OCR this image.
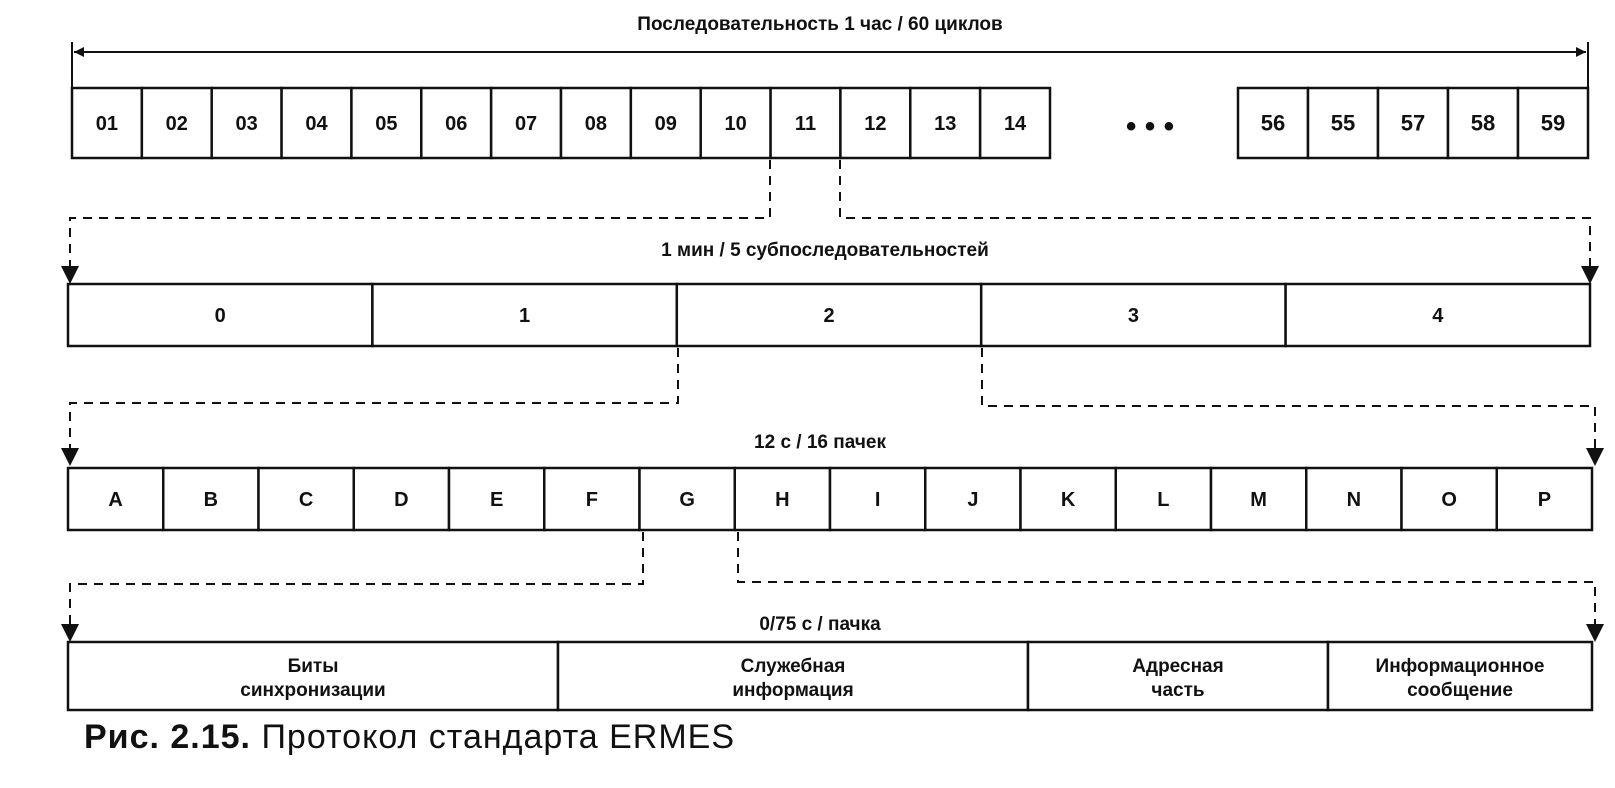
Последовательность 1 час / 60 циклов
01 02 03 04 05 06 07 08 09 10 11 12 13 14	• • •	56 55 57 58 59
1 мин / 5 субпоследовательностей
0	1	2	3	4
12 с / 16 пачек
A	B	C	D	E	F	G	H	I	J	K	L	M	N	O	P
0/75 с / пачка
Биты
синхронизации
Служебная
информация
Адресная
часть
Информационное
сообщение
Рис. 2.15. Протокол стандарта ERMES
